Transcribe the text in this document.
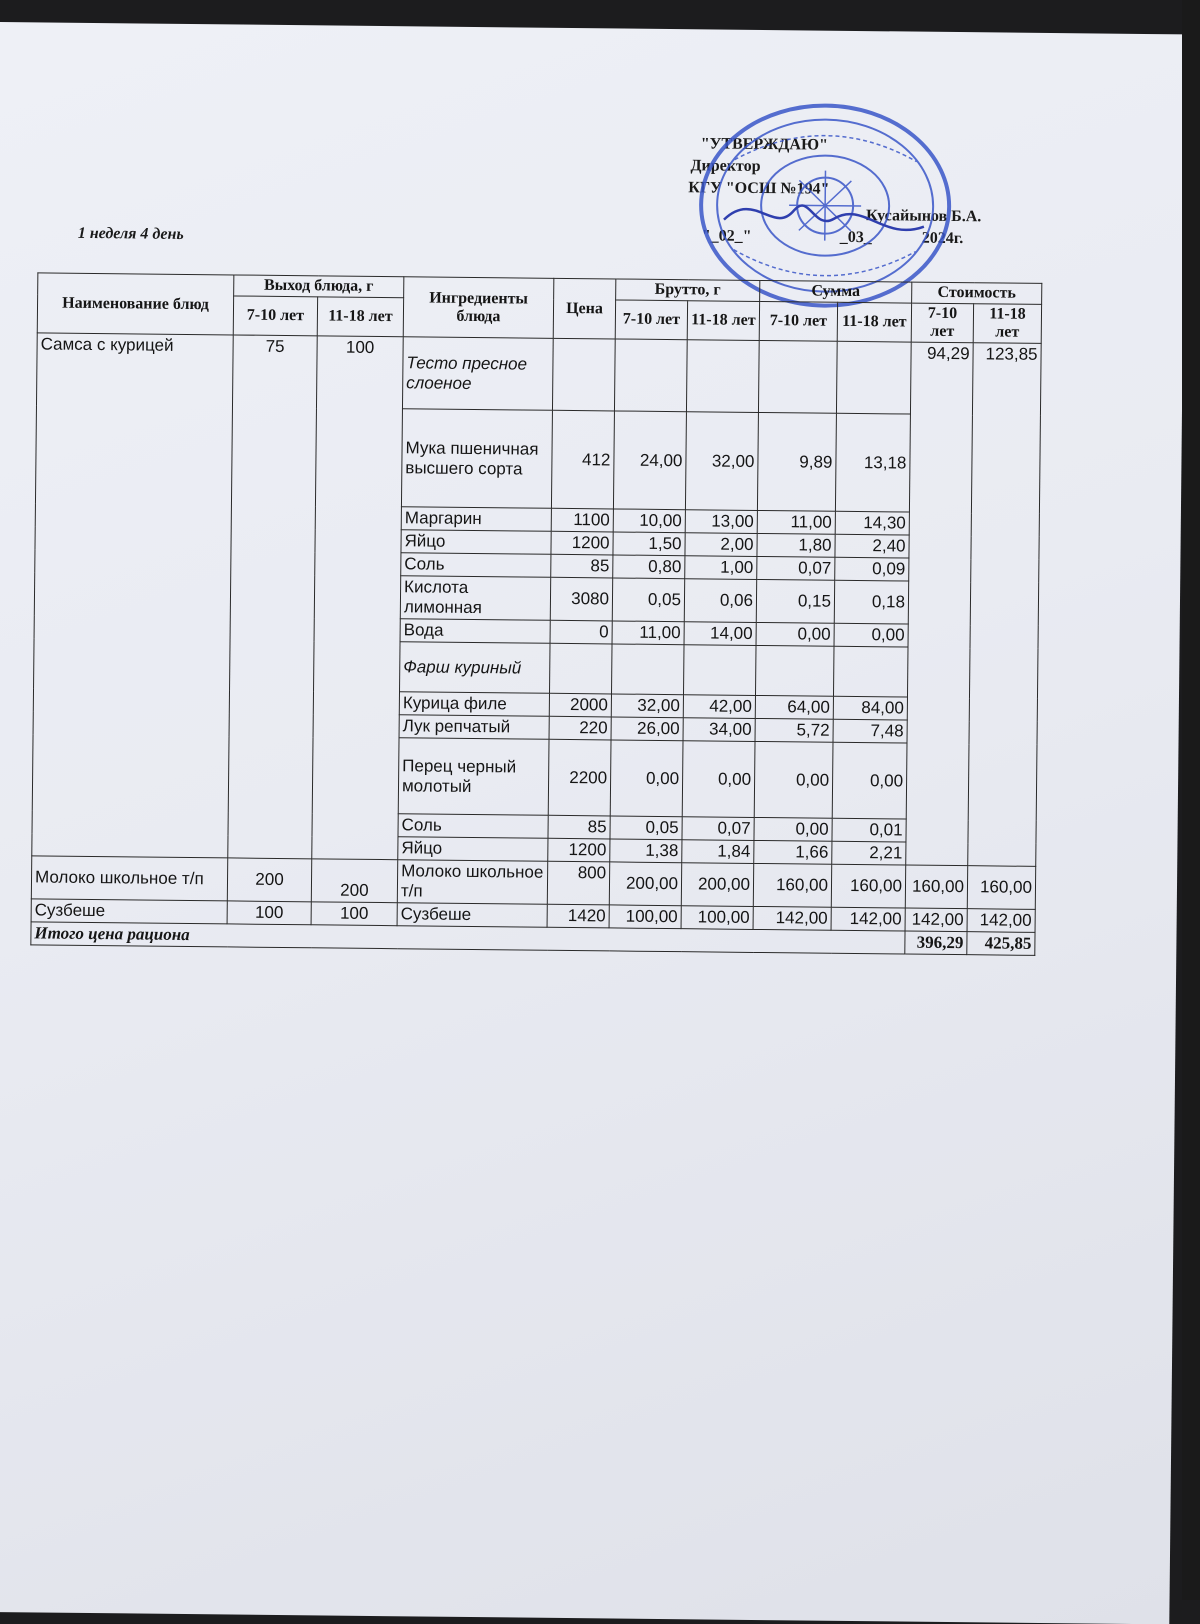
"УТВЕРЖДАЮ"
Директор
КГУ "ОСШ №194"
Кусайынов Б.А.
"_02_"	_03_	2024г.
1 неделя 4 день
Наименование блюд	Выход блюда, г		Ингредиенты блюда	Цена	Брутто, г		Сумма		Стоимость	
	7-10 лет	11-18 лет			7-10 лет	11-18 лет	7-10 лет	11-18 лет	7-10 лет	11-18 лет
Самса с курицей	75	100	Тесто пресное слоеное						94,29	123,85
			Мука пшеничная высшего сорта	412	24,00	32,00	9,89	13,18		
			Маргарин	1100	10,00	13,00	11,00	14,30		
			Яйцо	1200	1,50	2,00	1,80	2,40		
			Соль	85	0,80	1,00	0,07	0,09		
			Кислота лимонная	3080	0,05	0,06	0,15	0,18		
			Вода	0	11,00	14,00	0,00	0,00		
			Фарш куриный							
			Курица филе	2000	32,00	42,00	64,00	84,00		
			Лук репчатый	220	26,00	34,00	5,72	7,48		
			Перец черный молотый	2200	0,00	0,00	0,00	0,00		
			Соль	85	0,05	0,07	0,00	0,01		
			Яйцо	1200	1,38	1,84	1,66	2,21		
Молоко школьное т/п	200	200	Молоко школьное т/п	800	200,00	200,00	160,00	160,00	160,00	160,00
Сузбеше	100	100	Сузбеше	1420	100,00	100,00	142,00	142,00	142,00	142,00
Итого цена рациона									396,29	425,85
